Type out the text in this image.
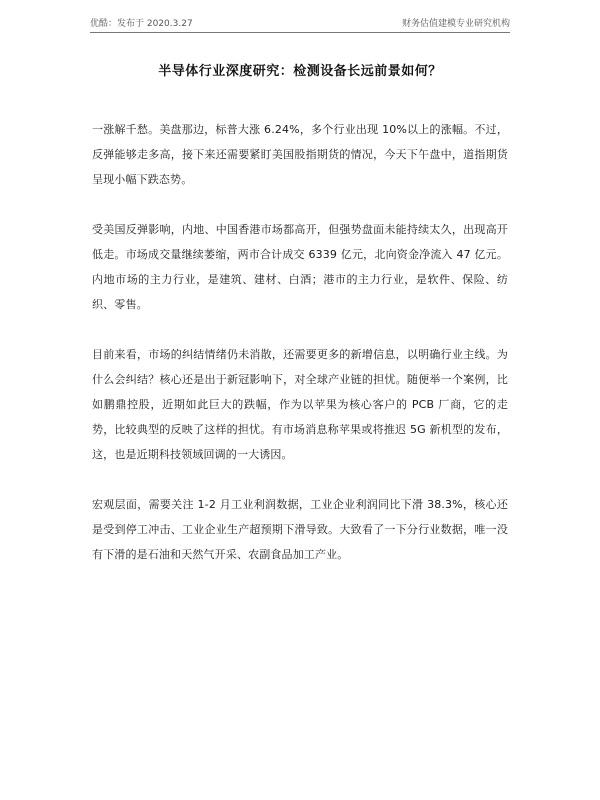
优酷：发布于 2020.3.27	财务估值建模专业研究机构
半导体行业深度研究：检测设备长远前景如何？

一涨解千愁。美盘那边，标普大涨 6.24%，多个行业出现 10%以上的涨幅。不过，反弹能够走多高，接下来还需要紧盯美国股指期货的情况，今天下午盘中，道指期货呈现小幅下跌态势。

受美国反弹影响，内地、中国香港市场都高开，但强势盘面未能持续太久，出现高开低走。市场成交量继续萎缩，两市合计成交 6339 亿元，北向资金净流入 47 亿元。内地市场的主力行业，是建筑、建材、白酒；港市的主力行业，是软件、保险、纺织、零售。

目前来看，市场的纠结情绪仍未消散，还需要更多的新增信息，以明确行业主线。为什么会纠结？核心还是出于新冠影响下，对全球产业链的担忧。随便举一个案例，比如鹏鼎控股，近期如此巨大的跌幅，作为以苹果为核心客户的 PCB 厂商，它的走势，比较典型的反映了这样的担忧。有市场消息称苹果或将推迟 5G 新机型的发布，这，也是近期科技领域回调的一大诱因。

宏观层面，需要关注 1-2 月工业利润数据，工业企业利润同比下滑 38.3%，核心还是受到停工冲击、工业企业生产超预期下滑导致。大致看了一下分行业数据，唯一没有下滑的是石油和天然气开采、农副食品加工产业。
